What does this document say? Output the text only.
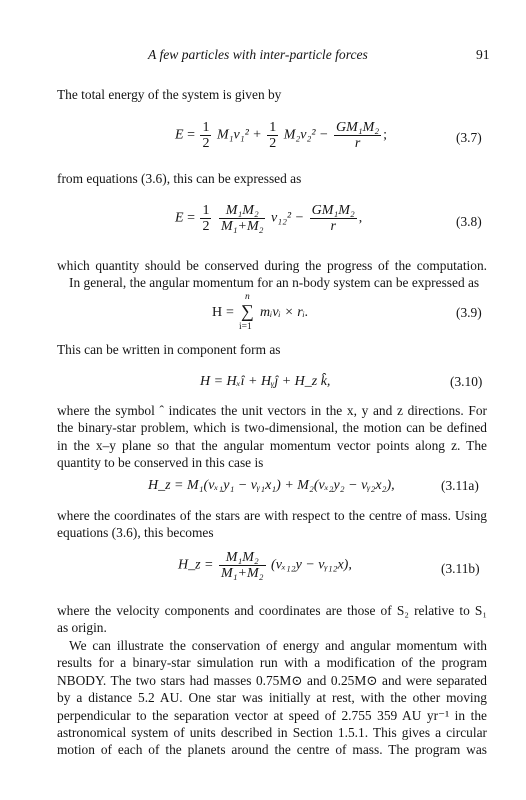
A few particles with inter-particle forces	91
The total energy of the system is given by
$E = \frac{1}{2} M_1v_1^2 + \frac{1}{2} M_2v_2^2 - \frac{\text{GM₁M₂}}{r}$ ;	(3.7)
from equations (3.6), this can be expressed as
$E = \frac{1}{2}$
$\frac{\text{M₁M₂}}{\text{M₁+M₂}} v_{12}^2 - \frac{\text{GM₁M₂}}{r}$ ,	(3.8)
which quantity should be conserved during the progress of the computation.
In general, the angular momentum for an n-body system can be expressed as
H =
n
∑
i=1
mᵢvᵢ × rᵢ.	(3.9)
This can be written in component form as
H = Hₓî + Hᵧĵ + H_z k̂,	(3.10)
where the symbol ˆ indicates the unit vectors in the x, y and z directions. For
the binary-star problem, which is two-dimensional, the motion can be defined
in the x–y plane so that the angular momentum vector points along z. The
quantity to be conserved in this case is
H_z = M₁(vₓ₁y₁ − vᵧ₁x₁) + M₂(vₓ₂y₂ − vᵧ₂x₂),	(3.11a)
where the coordinates of the stars are with respect to the centre of mass. Using
equations (3.6), this becomes
H_z = $\frac{\text{M₁M₂}}{\text{M₁+M₂}} (v_{x12}y$ − vᵧ₁₂x),	(3.11b)
where the velocity components and coordinates are those of S₂ relative to S₁
as origin.
We can illustrate the conservation of energy and angular momentum with
results for a binary-star simulation run with a modification of the program
NBODY. The two stars had masses 0.75M⊙ and 0.25M⊙ and were separated
by a distance 5.2 AU. One star was initially at rest, with the other moving
perpendicular to the separation vector at speed of 2.755 359 AU yr⁻¹ in the
astronomical system of units described in Section 1.5.1. This gives a circular
motion of each of the planets around the centre of mass. The program was
